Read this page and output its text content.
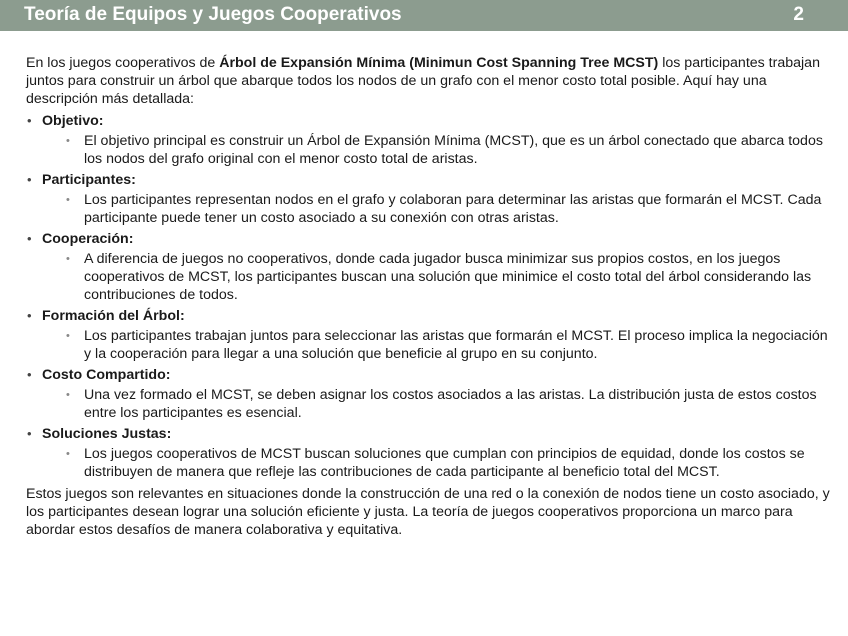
Teoría de Equipos y Juegos Cooperativos	2

En los juegos cooperativos de Árbol de Expansión Mínima (Minimun Cost Spanning Tree MCST) los participantes trabajan juntos para construir un árbol que abarque todos los nodos de un grafo con el menor costo total posible. Aquí hay una descripción más detallada:

• Objetivo:
• El objetivo principal es construir un Árbol de Expansión Mínima (MCST), que es un árbol conectado que abarca todos los nodos del grafo original con el menor costo total de aristas.
• Participantes:
• Los participantes representan nodos en el grafo y colaboran para determinar las aristas que formarán el MCST. Cada participante puede tener un costo asociado a su conexión con otras aristas.
• Cooperación:
• A diferencia de juegos no cooperativos, donde cada jugador busca minimizar sus propios costos, en los juegos cooperativos de MCST, los participantes buscan una solución que minimice el costo total del árbol considerando las contribuciones de todos.
• Formación del Árbol:
• Los participantes trabajan juntos para seleccionar las aristas que formarán el MCST. El proceso implica la negociación y la cooperación para llegar a una solución que beneficie al grupo en su conjunto.
• Costo Compartido:
• Una vez formado el MCST, se deben asignar los costos asociados a las aristas. La distribución justa de estos costos entre los participantes es esencial.
• Soluciones Justas:
• Los juegos cooperativos de MCST buscan soluciones que cumplan con principios de equidad, donde los costos se distribuyen de manera que refleje las contribuciones de cada participante al beneficio total del MCST.

Estos juegos son relevantes en situaciones donde la construcción de una red o la conexión de nodos tiene un costo asociado, y los participantes desean lograr una solución eficiente y justa. La teoría de juegos cooperativos proporciona un marco para abordar estos desafíos de manera colaborativa y equitativa.
